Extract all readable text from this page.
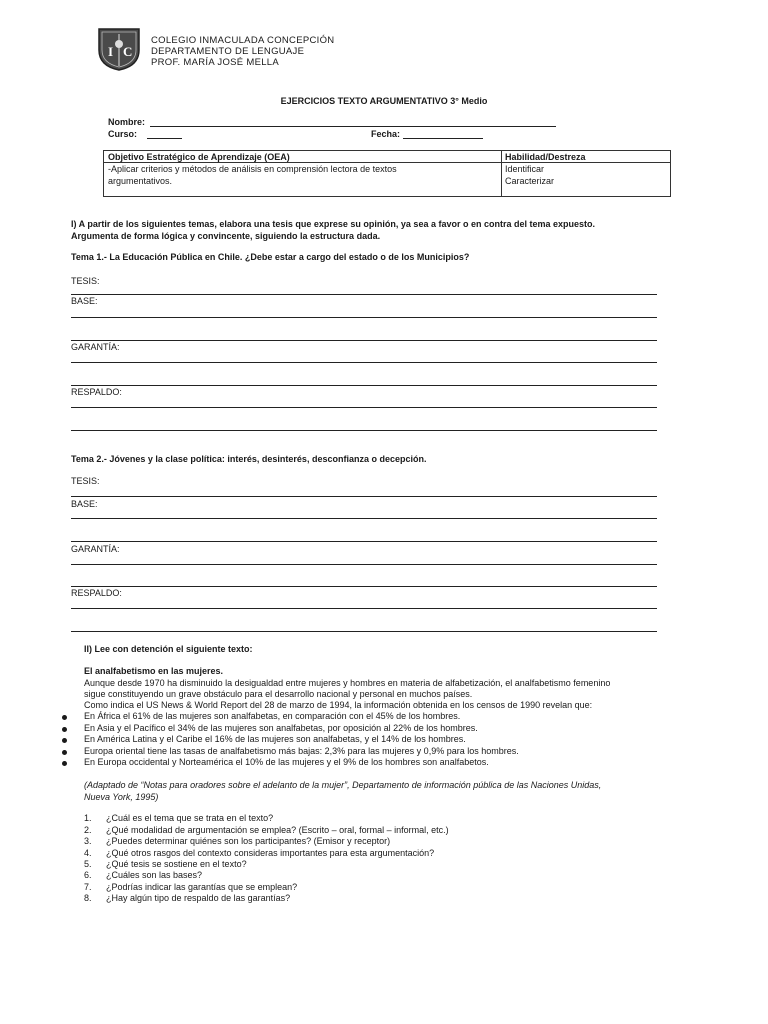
I C
COLEGIO INMACULADA CONCEPCIÓN
DEPARTAMENTO DE LENGUAJE
PROF. MARÍA JOSÉ MELLA
EJERCICIOS TEXTO ARGUMENTATIVO 3° Medio
Nombre:
Curso:	Fecha:
Objetivo Estratégico de Aprendizaje (OEA)	Habilidad/Destreza
-Aplicar criterios y métodos de análisis en comprensión lectora de textos
argumentativos.
Identificar
Caracterizar
I) A partir de los siguientes temas, elabora una tesis que exprese su opinión, ya sea a favor o en contra del tema expuesto.
Argumenta de forma lógica y convincente, siguiendo la estructura dada.
Tema 1.- La Educación Pública en Chile. ¿Debe estar a cargo del estado o de los Municipios?
TESIS:
BASE:
GARANTÍA:
RESPALDO:
Tema 2.- Jóvenes y la clase política: interés, desinterés, desconfianza o decepción.
TESIS:
BASE:
GARANTÍA:
RESPALDO:
II) Lee con detención el siguiente texto:
El analfabetismo en las mujeres.
Aunque desde 1970 ha disminuido la desigualdad entre mujeres y hombres en materia de alfabetización, el analfabetismo femenino
sigue constituyendo un grave obstáculo para el desarrollo nacional y personal en muchos países.
Como indica el US News & World Report del 28 de marzo de 1994, la información obtenida en los censos de 1990 revelan que:
En África el 61% de las mujeres son analfabetas, en comparación con el 45% de los hombres.
En Asia y el Pacífico el 34% de las mujeres son analfabetas, por oposición al 22% de los hombres.
En América Latina y el Caribe el 16% de las mujeres son analfabetas, y el 14% de los hombres.
Europa oriental tiene las tasas de analfabetismo más bajas: 2,3% para las mujeres y 0,9% para los hombres.
En Europa occidental y Norteamérica el 10% de las mujeres y el 9% de los hombres son analfabetos.
(Adaptado de “Notas para oradores sobre el adelanto de la mujer”, Departamento de información pública de las Naciones Unidas,
Nueva York, 1995)
1. ¿Cuál es el tema que se trata en el texto?
2. ¿Qué modalidad de argumentación se emplea? (Escrito – oral, formal – informal, etc.)
3. ¿Puedes determinar quiénes son los participantes? (Emisor y receptor)
4. ¿Qué otros rasgos del contexto consideras importantes para esta argumentación?
5. ¿Qué tesis se sostiene en el texto?
6. ¿Cuáles son las bases?
7. ¿Podrías indicar las garantías que se emplean?
8. ¿Hay algún tipo de respaldo de las garantías?
